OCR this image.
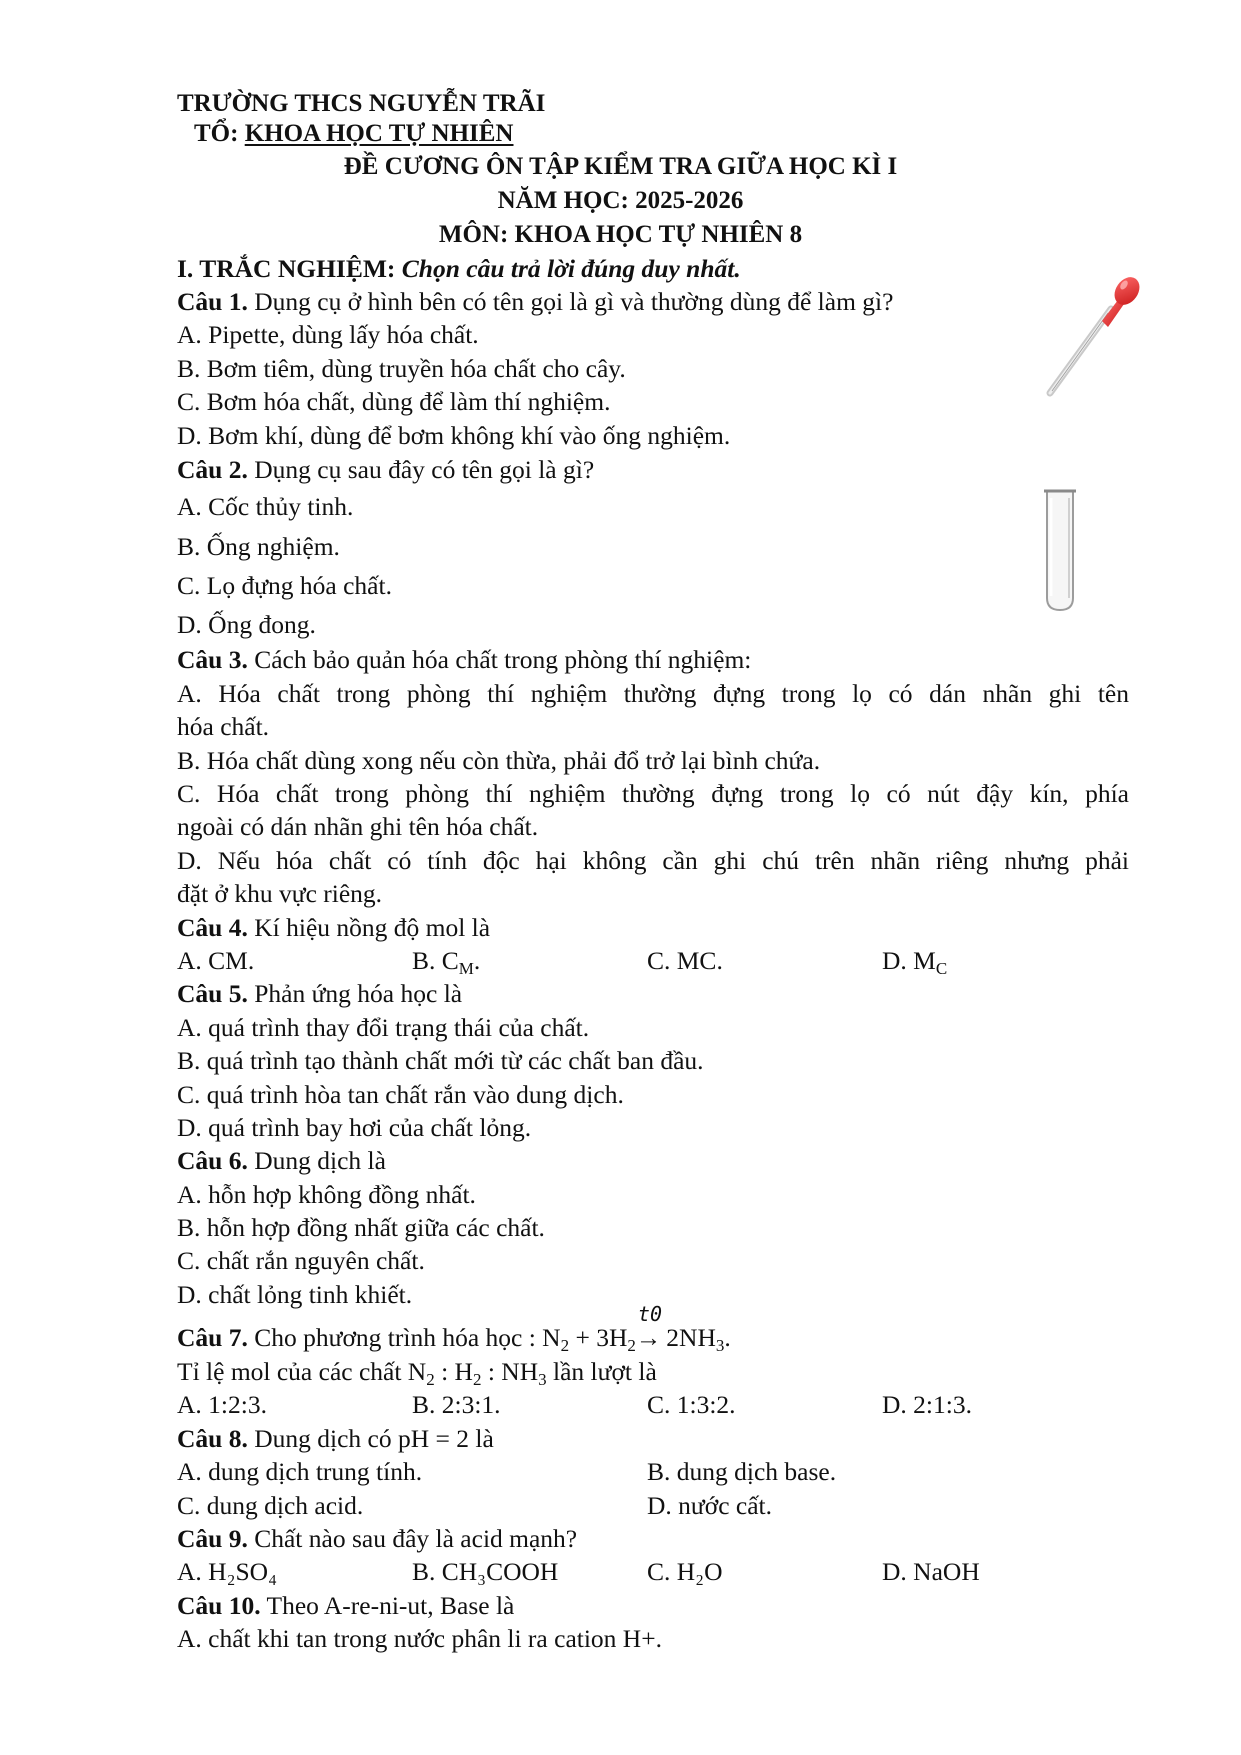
TRƯỜNG THCS NGUYỄN TRÃI
TỔ: KHOA HỌC TỰ NHIÊN
ĐỀ CƯƠNG ÔN TẬP KIỂM TRA GIỮA HỌC KÌ I
NĂM HỌC: 2025-2026
MÔN: KHOA HỌC TỰ NHIÊN 8
I. TRẮC NGHIỆM: Chọn câu trả lời đúng duy nhất.
Câu 1. Dụng cụ ở hình bên có tên gọi là gì và thường dùng để làm gì?
A. Pipette, dùng lấy hóa chất.
B. Bơm tiêm, dùng truyền hóa chất cho cây.
C. Bơm hóa chất, dùng để làm thí nghiệm.
D. Bơm khí, dùng để bơm không khí vào ống nghiệm.
Câu 2. Dụng cụ sau đây có tên gọi là gì?
A. Cốc thủy tinh.
B. Ống nghiệm.
C. Lọ đựng hóa chất.
D. Ống đong.
Câu 3. Cách bảo quản hóa chất trong phòng thí nghiệm:
A. Hóa chất trong phòng thí nghiệm thường đựng trong lọ có dán nhãn ghi tên
hóa chất.
B. Hóa chất dùng xong nếu còn thừa, phải đổ trở lại bình chứa.
C. Hóa chất trong phòng thí nghiệm thường đựng trong lọ có nút đậy kín, phía
ngoài có dán nhãn ghi tên hóa chất.
D. Nếu hóa chất có tính độc hại không cần ghi chú trên nhãn riêng nhưng phải
đặt ở khu vực riêng.
Câu 4. Kí hiệu nồng độ mol là
A. CM.	B. $C_M$.	C. MC.	D. $M_C$
Câu 5. Phản ứng hóa học là
A. quá trình thay đổi trạng thái của chất.
B. quá trình tạo thành chất mới từ các chất ban đầu.
C. quá trình hòa tan chất rắn vào dung dịch.
D. quá trình bay hơi của chất lỏng.
Câu 6. Dung dịch là
A. hỗn hợp không đồng nhất.
B. hỗn hợp đồng nhất giữa các chất.
C. chất rắn nguyên chất.
D. chất lỏng tinh khiết.
Câu 7. Cho phương trình hóa học : $N_2 + 3H_2$
t0
→ $2NH_3$.
Tỉ lệ mol của các chất $N_2$ : $H_2$ : $NH_3$ lần lượt là
A. 1:2:3.	B. 2:3:1.	C. 1:3:2.	D. 2:1:3.
Câu 8. Dung dịch có pH = 2 là
A. dung dịch trung tính.	B. dung dịch base.
C. dung dịch acid.	D. nước cất.
Câu 9. Chất nào sau đây là acid mạnh?
A. H₂SO₄	B. CH₃COOH	C. H₂O	D. NaOH
Câu 10. Theo A-re-ni-ut, Base là
A. chất khi tan trong nước phân li ra cation H+.
